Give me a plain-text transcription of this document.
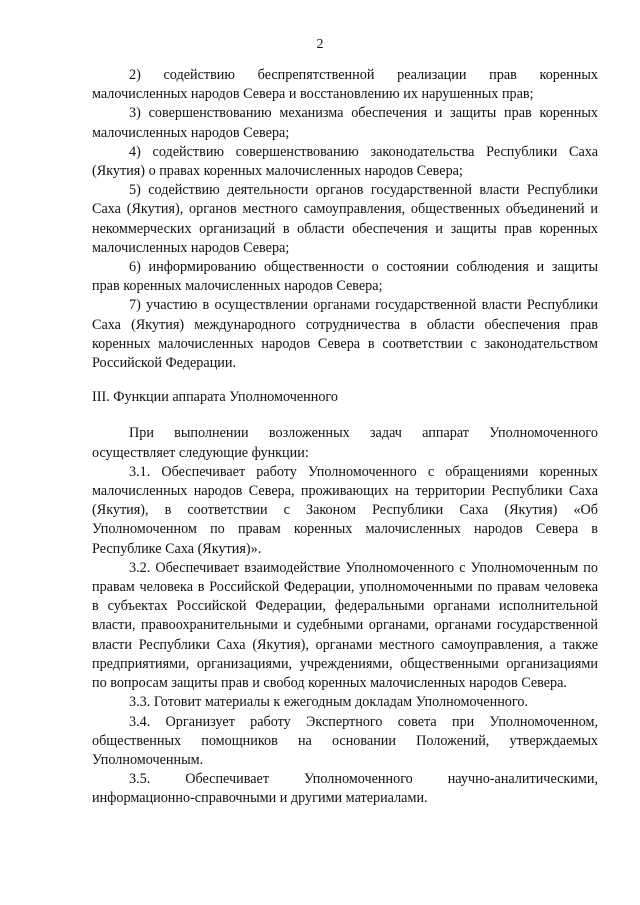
2

2) содействию беспрепятственной реализации прав коренных малочисленных народов Севера и восстановлению их нарушенных прав;

3) совершенствованию механизма обеспечения и защиты прав коренных малочисленных народов Севера;

4) содействию совершенствованию законодательства Республики Саха (Якутия) о правах коренных малочисленных народов Севера;

5) содействию деятельности органов государственной власти Республики Саха (Якутия), органов местного самоуправления, общественных объединений и некоммерческих организаций в области обеспечения и защиты прав коренных малочисленных народов Севера;

6) информированию общественности о состоянии соблюдения и защиты прав коренных малочисленных народов Севера;

7) участию в осуществлении органами государственной власти Республики Саха (Якутия) международного сотрудничества в области обеспечения прав коренных малочисленных народов Севера в соответствии с законодательством Российской Федерации.

III. Функции аппарата Уполномоченного

При выполнении возложенных задач аппарат Уполномоченного осуществляет следующие функции:

3.1. Обеспечивает работу Уполномоченного с обращениями коренных малочисленных народов Севера, проживающих на территории Республики Саха (Якутия), в соответствии с Законом Республики Саха (Якутия) «Об Уполномоченном по правам коренных малочисленных народов Севера в Республике Саха (Якутия)».

3.2. Обеспечивает взаимодействие Уполномоченного с Уполномоченным по правам человека в Российской Федерации, уполномоченными по правам человека в субъектах Российской Федерации, федеральными органами исполнительной власти, правоохранительными и судебными органами, органами государственной власти Республики Саха (Якутия), органами местного самоуправления, а также предприятиями, организациями, учреждениями, общественными организациями по вопросам защиты прав и свобод коренных малочисленных народов Севера.

3.3. Готовит материалы к ежегодным докладам Уполномоченного.

3.4. Организует работу Экспертного совета при Уполномоченном, общественных помощников на основании Положений, утверждаемых Уполномоченным.

3.5. Обеспечивает Уполномоченного научно-аналитическими, информационно-справочными и другими материалами.
